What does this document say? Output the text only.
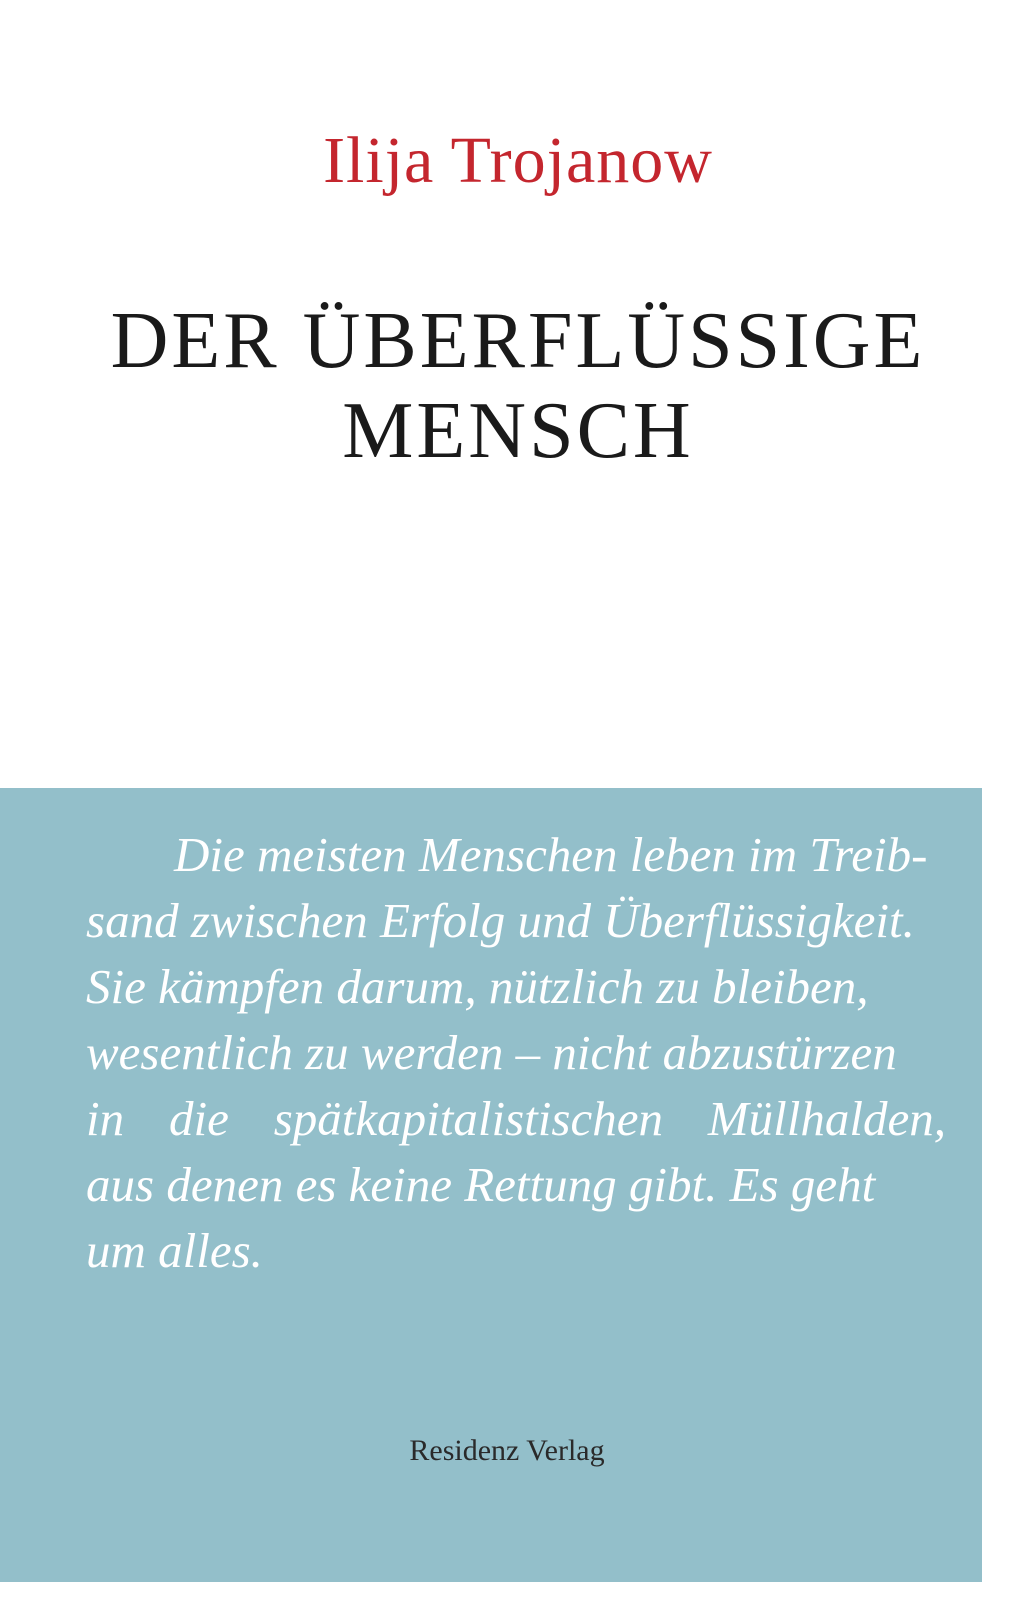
Ilija Trojanow
DER ÜBERFLÜSSIGE
MENSCH
Die meisten Menschen leben im Treib-
sand zwischen Erfolg und Überflüssigkeit.
Sie kämpfen darum, nützlich zu bleiben,
wesentlich zu werden – nicht abzustürzen
in die spätkapitalistischen Müllhalden,
aus denen es keine Rettung gibt. Es geht
um alles.
Residenz Verlag
